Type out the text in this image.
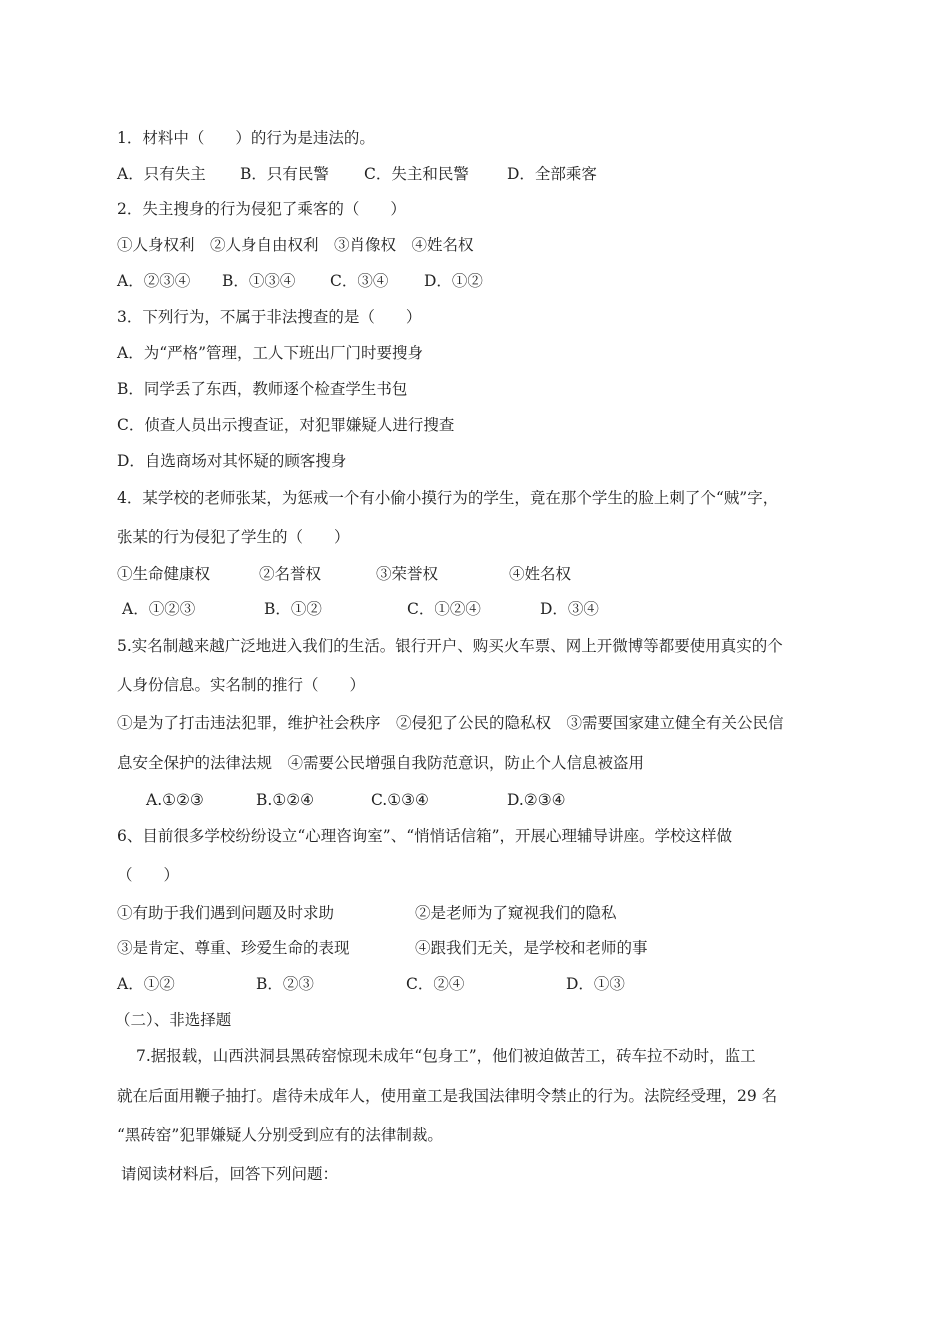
1．材料中（　　）的行为是违法的。
A．只有失主 B．只有民警 C．失主和民警 D．全部乘客
2．失主搜身的行为侵犯了乘客的（　　）
①人身权利　②人身自由权利　③肖像权　④姓名权
A．②③④ B．①③④ C．③④ D．①②
3．下列行为，不属于非法搜查的是（　　）
A．为“严格”管理，工人下班出厂门时要搜身
B．同学丢了东西，教师逐个检查学生书包
C．侦查人员出示搜查证，对犯罪嫌疑人进行搜查
D．自选商场对其怀疑的顾客搜身
4．某学校的老师张某，为惩戒一个有小偷小摸行为的学生，竟在那个学生的脸上刺了个“贼”字，
张某的行为侵犯了学生的（　　）
①生命健康权	②名誉权	③荣誉权	④姓名权
A．①②③	B．①②	C．①②④	D．③④
5.实名制越来越广泛地进入我们的生活。银行开户、购买火车票、网上开微博等都要使用真实的个
人身份信息。实名制的推行（　　）
①是为了打击违法犯罪，维护社会秩序　②侵犯了公民的隐私权　③需要国家建立健全有关公民信
息安全保护的法律法规　④需要公民增强自我防范意识，防止个人信息被盗用
A.①②③	B.①②④	C.①③④	D.②③④
6、目前很多学校纷纷设立“心理咨询室”、“悄悄话信箱”，开展心理辅导讲座。学校这样做
（　　）
①有助于我们遇到问题及时求助	②是老师为了窥视我们的隐私
③是肯定、尊重、珍爱生命的表现	④跟我们无关，是学校和老师的事
A．①②	B．②③	C．②④	D．①③
（二）、非选择题
7.据报载，山西洪洞县黑砖窑惊现未成年“包身工”，他们被迫做苦工，砖车拉不动时，监工
就在后面用鞭子抽打。虐待未成年人，使用童工是我国法律明令禁止的行为。法院经受理，29 名
“黑砖窑”犯罪嫌疑人分别受到应有的法律制裁。
请阅读材料后，回答下列问题：
